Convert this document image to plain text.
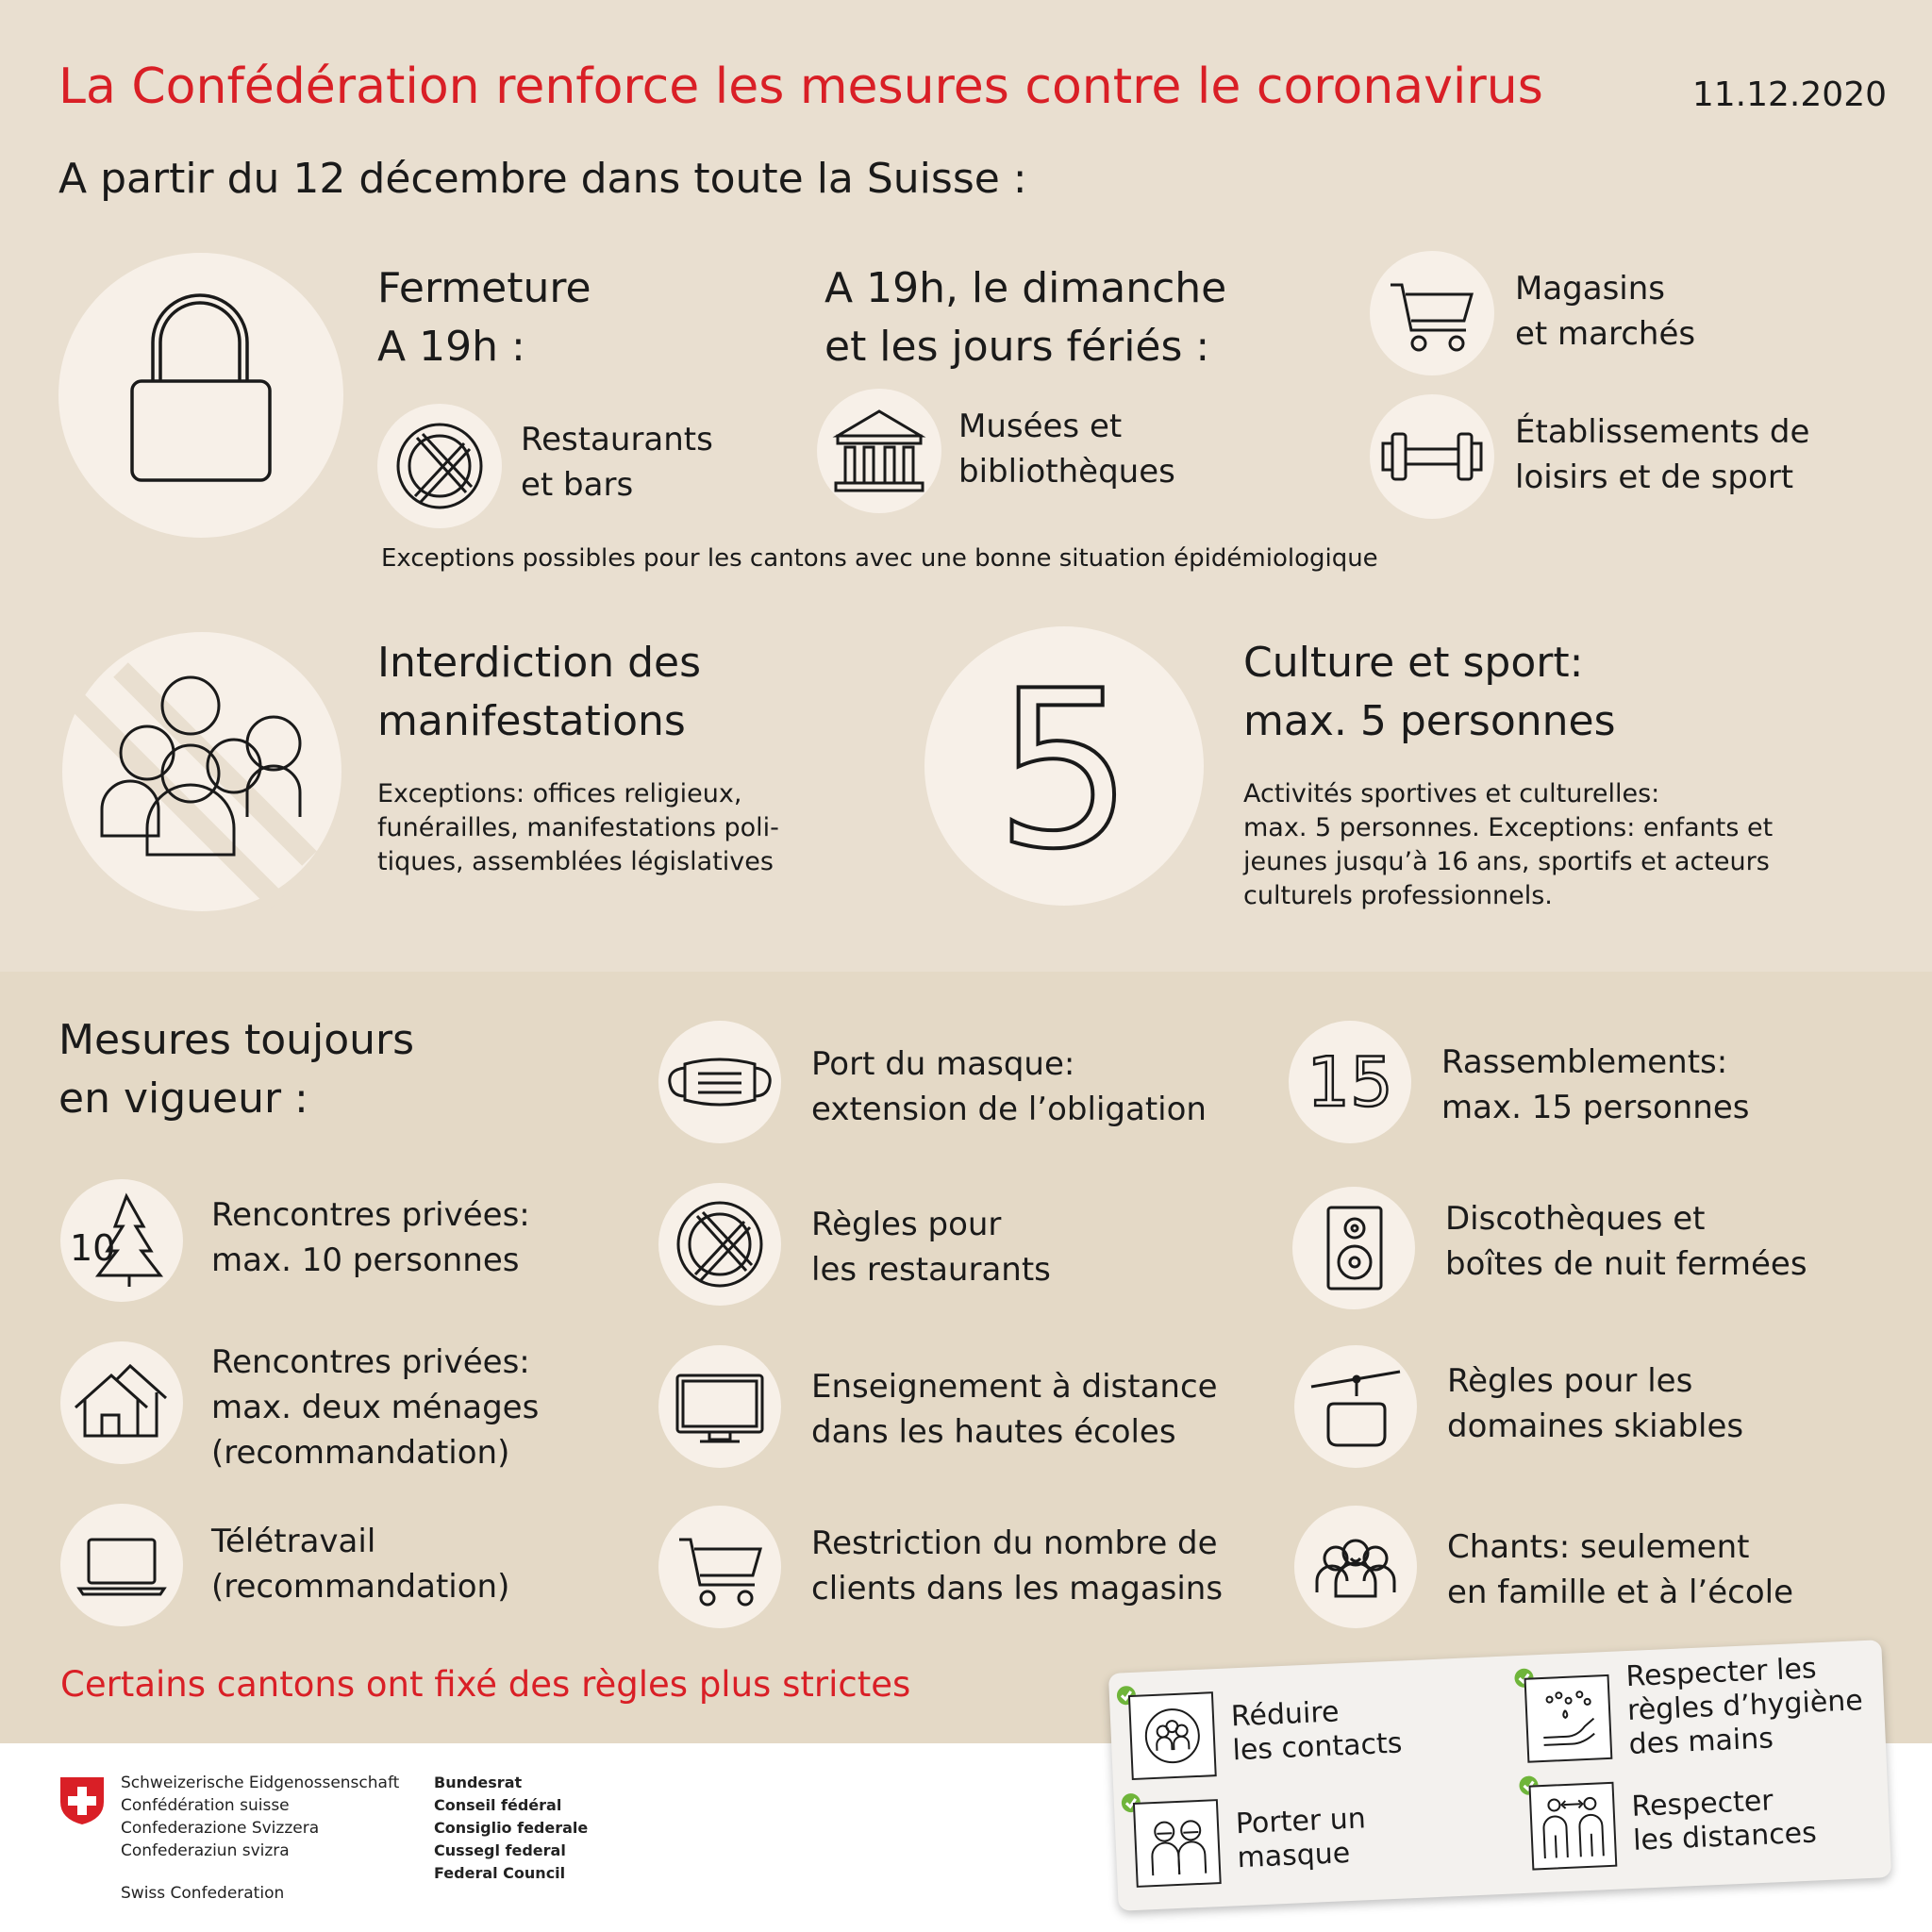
La Confédération renforce les mesures contre le coronavirus	11.12.2020
A partir du 12 décembre dans toute la Suisse :
Fermeture
A 19h :
Restaurants
et bars
A 19h, le dimanche
et les jours fériés :
Musées et
bibliothèques
Magasins
et marchés
Établissements de
loisirs et de sport
Exceptions possibles pour les cantons avec une bonne situation épidémiologique
Interdiction des
manifestations
Exceptions: offices religieux,
funérailles, manifestations poli-
tiques, assemblées législatives 5	Culture et sport:
max. 5 personnes
Activités sportives et culturelles:
max. 5 personnes. Exceptions: enfants et
jeunes jusqu’à 16 ans, sportifs et acteurs
culturels professionnels.
Mesures toujours
en vigueur :
10
Rencontres privées:
max. 10 personnes
Rencontres privées:
max. deux ménages
(recommandation)
Télétravail
(recommandation)
Port du masque:
extension de l’obligation
Règles pour
les restaurants
Enseignement à distance
dans les hautes écoles
Restriction du nombre de
clients dans les magasins
15 Rassemblements:
max. 15 personnes
Discothèques et
boîtes de nuit fermées
Règles pour les
domaines skiables
Chants: seulement
en famille et à l’école
Certains cantons ont fixé des règles plus strictes
Schweizerische Eidgenossenschaft
Confédération suisse
Confederazione Svizzera
Confederaziun svizra
Swiss Confederation
Bundesrat
Conseil fédéral
Consiglio federale
Cussegl federal
Federal Council
Réduire
les contacts
Respecter les
règles d’hygiène
des mains
Porter un
masque
Respecter
les distances
